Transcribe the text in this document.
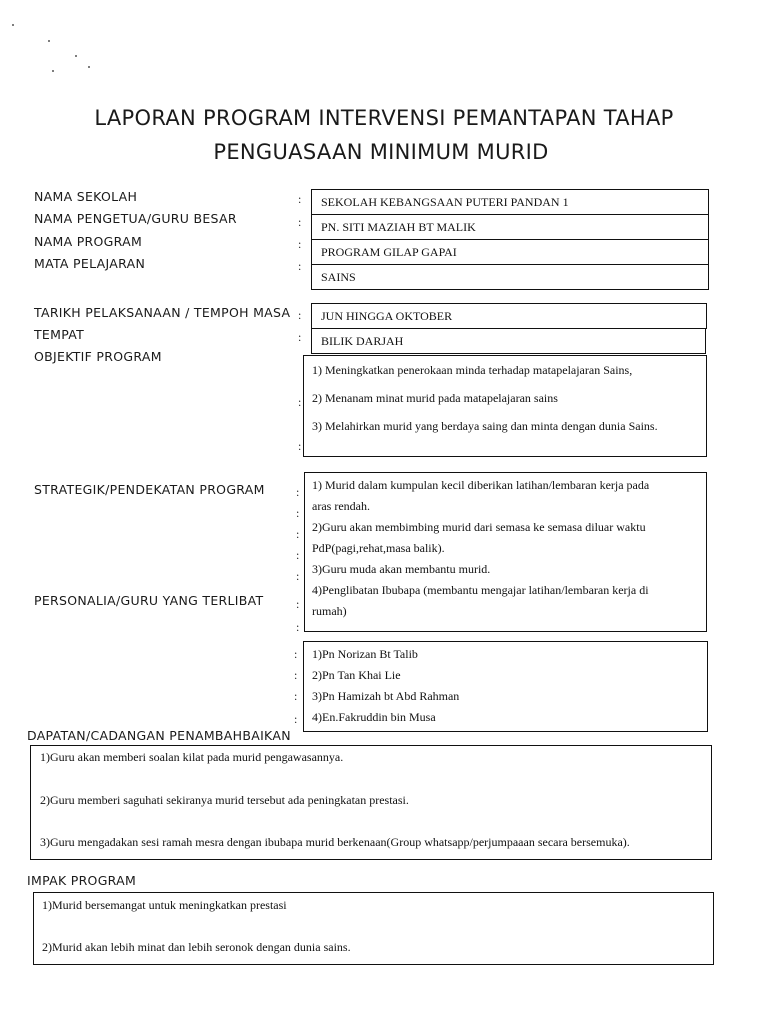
LAPORAN PROGRAM INTERVENSI PEMANTAPAN TAHAP
PENGUASAAN MINIMUM MURID
NAMA SEKOLAH
NAMA PENGETUA/GURU BESAR
NAMA PROGRAM
MATA PELAJARAN
TARIKH PELAKSANAAN / TEMPOH MASA
TEMPAT
OBJEKTIF PROGRAM
STRATEGIK/PENDEKATAN PROGRAM
PERSONALIA/GURU YANG TERLIBAT
DAPATAN/CADANGAN PENAMBAHBAIKAN
IMPAK PROGRAM
:
:
:
:
:
:
:
:
:
:
:
:
:
:
:
:
:
:
:
SEKOLAH KEBANGSAAN PUTERI PANDAN 1
PN. SITI MAZIAH BT MALIK
PROGRAM GILAP GAPAI
SAINS
JUN HINGGA OKTOBER
BILIK DARJAH
1) Meningkatkan penerokaan minda terhadap matapelajaran Sains,
2) Menanam minat murid pada matapelajaran sains
3) Melahirkan murid yang berdaya saing dan minta dengan dunia Sains.
1) Murid dalam kumpulan kecil diberikan latihan/lembaran kerja pada
aras rendah.
2)Guru akan membimbing murid dari semasa ke semasa diluar waktu
PdP(pagi,rehat,masa balik).
3)Guru muda akan membantu murid.
4)Penglibatan Ibubapa (membantu mengajar latihan/lembaran kerja di
rumah)
1)Pn Norizan Bt Talib
2)Pn Tan Khai Lie
3)Pn Hamizah bt Abd Rahman
4)En.Fakruddin bin Musa
1)Guru akan memberi soalan kilat pada murid pengawasannya.
2)Guru memberi saguhati sekiranya murid tersebut ada peningkatan prestasi.
3)Guru mengadakan sesi ramah mesra dengan ibubapa murid berkenaan(Group whatsapp/perjumpaaan secara bersemuka).
1)Murid bersemangat untuk meningkatkan prestasi
2)Murid akan lebih minat dan lebih seronok dengan dunia sains.
